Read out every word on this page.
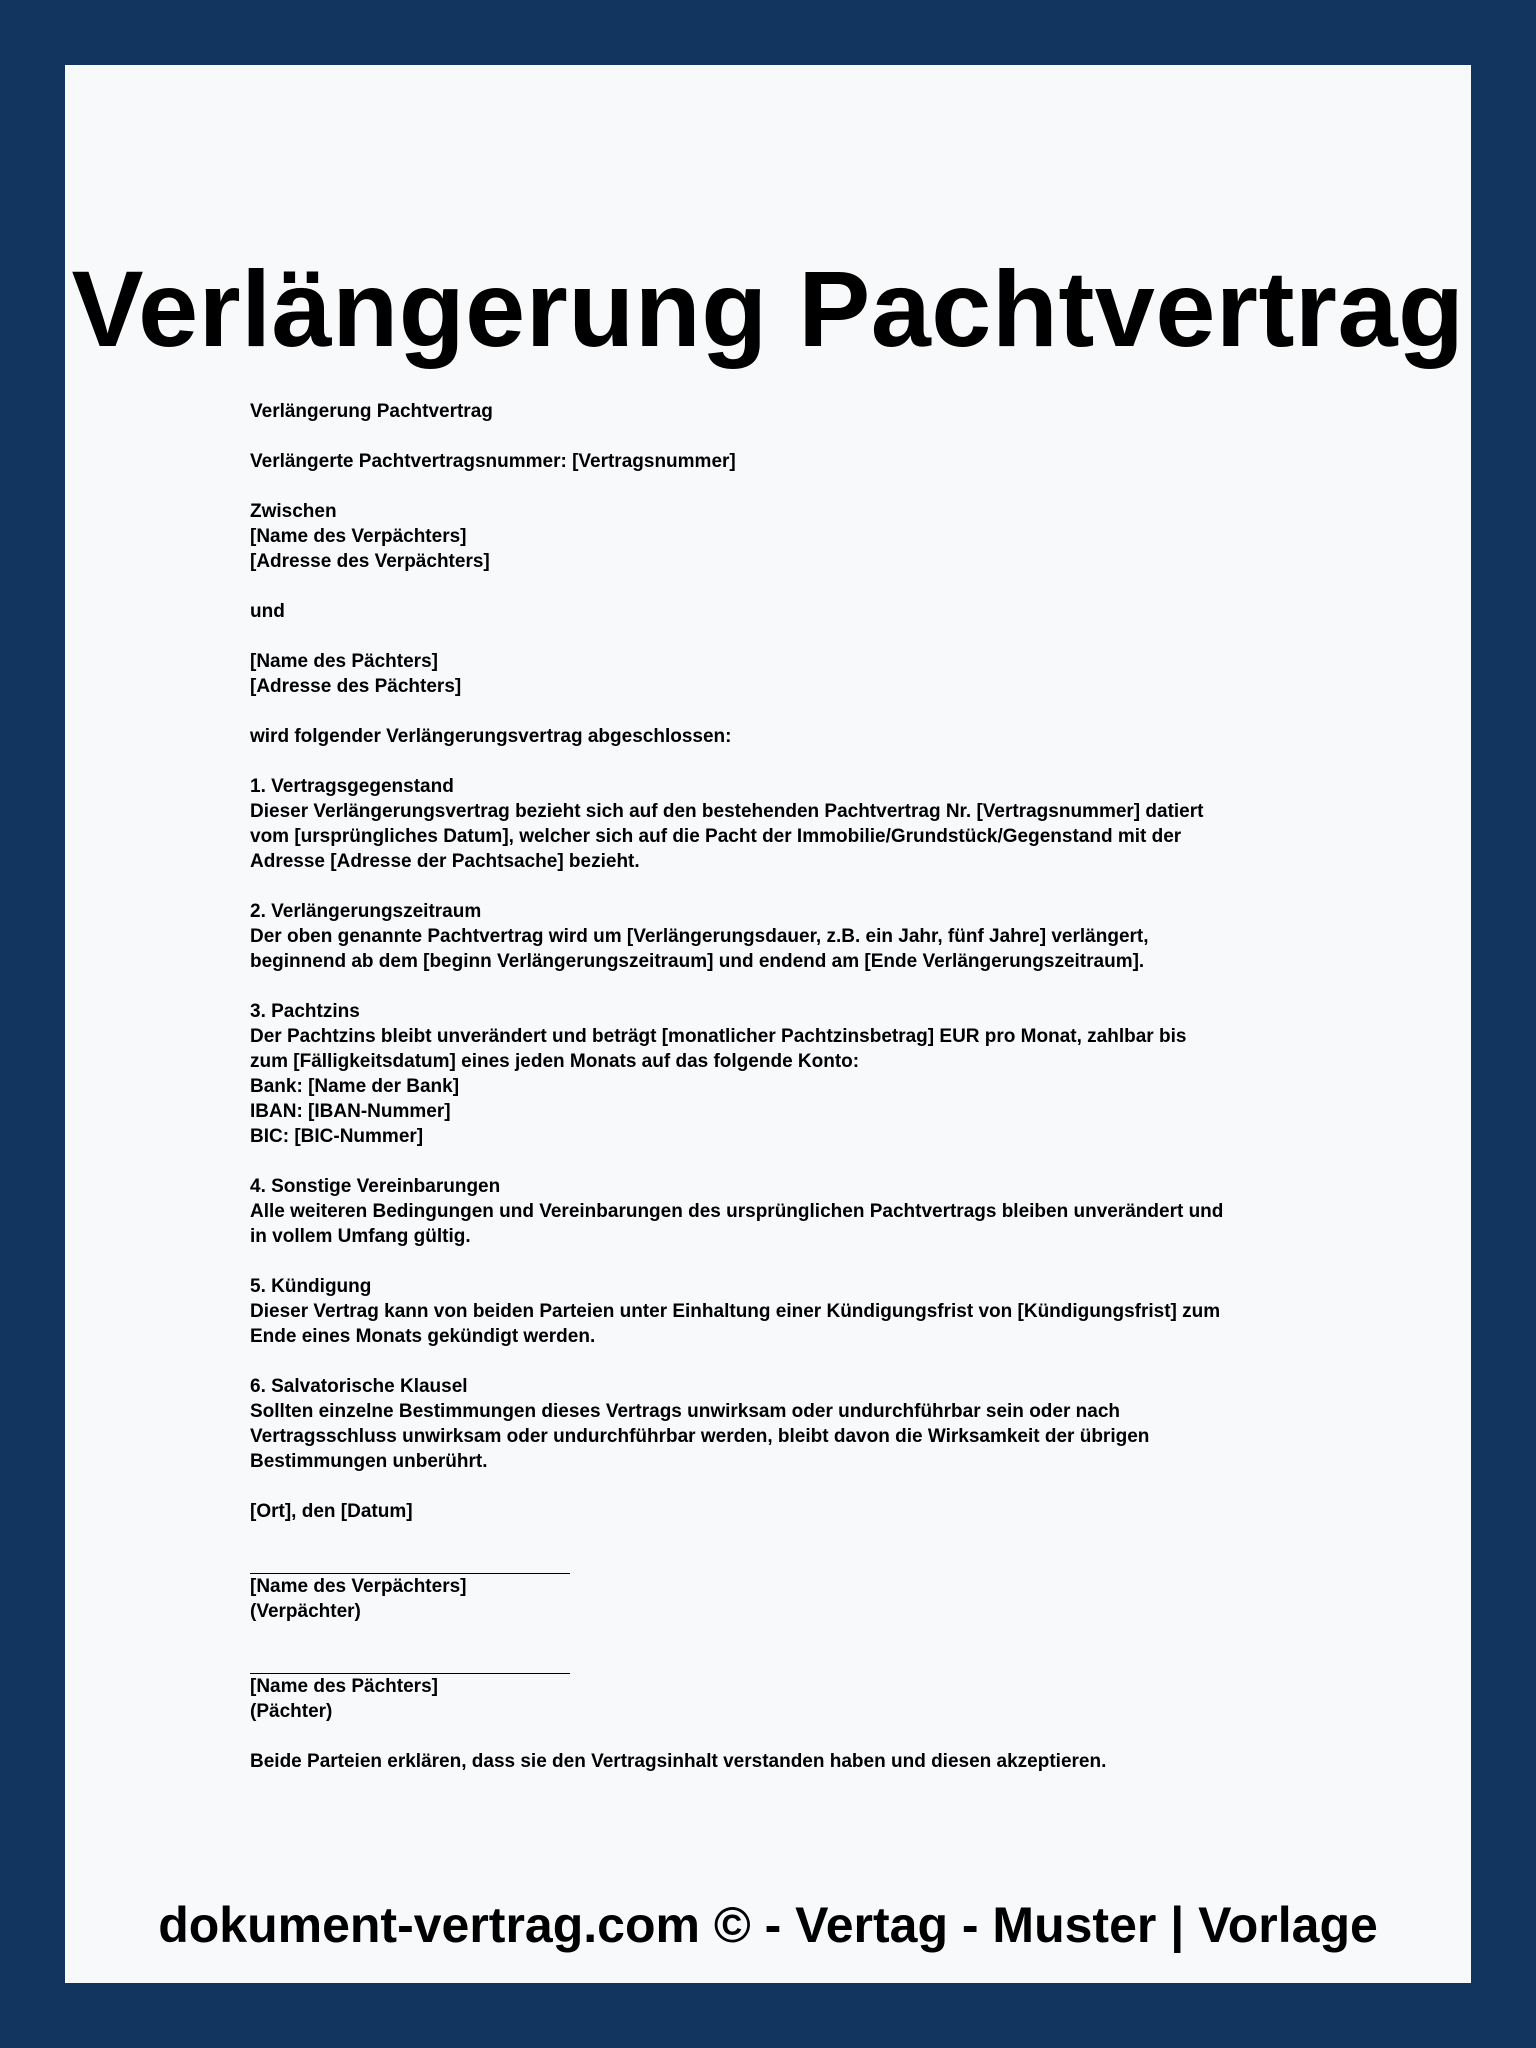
Verlängerung Pachtvertrag
Verlängerung Pachtvertrag
Verlängerte Pachtvertragsnummer: [Vertragsnummer]
Zwischen
[Name des Verpächters]
[Adresse des Verpächters]
und
[Name des Pächters]
[Adresse des Pächters]
wird folgender Verlängerungsvertrag abgeschlossen:
1. Vertragsgegenstand
Dieser Verlängerungsvertrag bezieht sich auf den bestehenden Pachtvertrag Nr. [Vertragsnummer] datiert
vom [ursprüngliches Datum], welcher sich auf die Pacht der Immobilie/Grundstück/Gegenstand mit der
Adresse [Adresse der Pachtsache] bezieht.
2. Verlängerungszeitraum
Der oben genannte Pachtvertrag wird um [Verlängerungsdauer, z.B. ein Jahr, fünf Jahre] verlängert,
beginnend ab dem [beginn Verlängerungszeitraum] und endend am [Ende Verlängerungszeitraum].
3. Pachtzins
Der Pachtzins bleibt unverändert und beträgt [monatlicher Pachtzinsbetrag] EUR pro Monat, zahlbar bis
zum [Fälligkeitsdatum] eines jeden Monats auf das folgende Konto:
Bank: [Name der Bank]
IBAN: [IBAN-Nummer]
BIC: [BIC-Nummer]
4. Sonstige Vereinbarungen
Alle weiteren Bedingungen und Vereinbarungen des ursprünglichen Pachtvertrags bleiben unverändert und
in vollem Umfang gültig.
5. Kündigung
Dieser Vertrag kann von beiden Parteien unter Einhaltung einer Kündigungsfrist von [Kündigungsfrist] zum
Ende eines Monats gekündigt werden.
6. Salvatorische Klausel
Sollten einzelne Bestimmungen dieses Vertrags unwirksam oder undurchführbar sein oder nach
Vertragsschluss unwirksam oder undurchführbar werden, bleibt davon die Wirksamkeit der übrigen
Bestimmungen unberührt.
[Ort], den [Datum]
[Name des Verpächters]
(Verpächter)
[Name des Pächters]
(Pächter)
Beide Parteien erklären, dass sie den Vertragsinhalt verstanden haben und diesen akzeptieren.
dokument-vertrag.com © - Vertag - Muster | Vorlage
